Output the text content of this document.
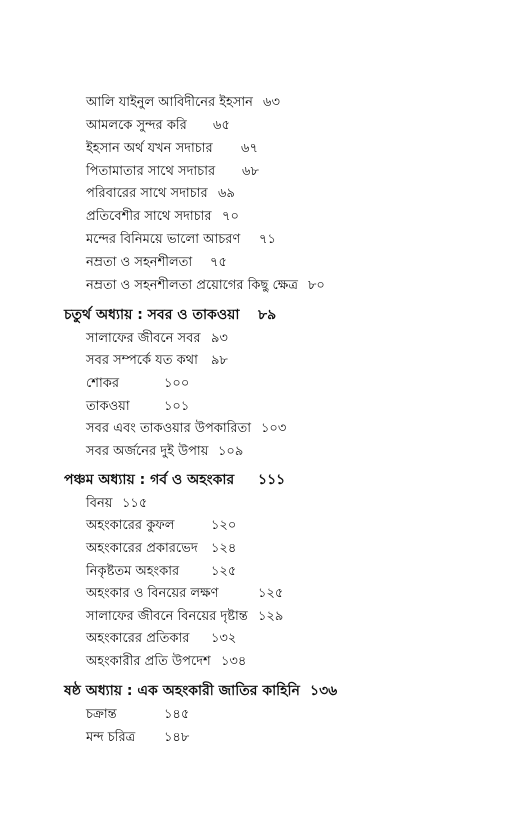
আলি যাইনুল আবিদীনের ইহসান ৬৩
আমলকে সুন্দর করি ৬৫
ইহসান অর্থ যখন সদাচার ৬৭
পিতামাতার সাথে সদাচার ৬৮
পরিবারের সাথে সদাচার ৬৯
প্রতিবেশীর সাথে সদাচার ৭০
মন্দের বিনিময়ে ভালো আচরণ ৭১
নম্রতা ও সহনশীলতা ৭৫
নম্রতা ও সহনশীলতা প্রয়োগের কিছু ক্ষেত্র ৮০
চতুর্থ অধ্যায় : সবর ও তাকওয়া ৮৯
সালাফের জীবনে সবর ৯৩
সবর সম্পর্কে যত কথা ৯৮
শোকর	১০০
তাকওয়া	১০১
সবর এবং তাকওয়ার উপকারিতা ১০৩
সবর অর্জনের দুই উপায় ১০৯
পঞ্চম অধ্যায় : গর্ব ও অহংকার ১১১
বিনয় ১১৫
অহংকারের কুফল	১২০
অহংকারের প্রকারভেদ ১২৪
নিকৃষ্টতম অহংকার ১২৫
অহংকার ও বিনয়ের লক্ষণ	১২৫
সালাফের জীবনে বিনয়ের দৃষ্টান্ত ১২৯
অহংকারের প্রতিকার ১৩২
অহংকারীর প্রতি উপদেশ ১৩৪
ষষ্ঠ অধ্যায় : এক অহংকারী জাতির কাহিনি ১৩৬
চক্রান্ত	১৪৫
মন্দ চরিত্র ১৪৮
